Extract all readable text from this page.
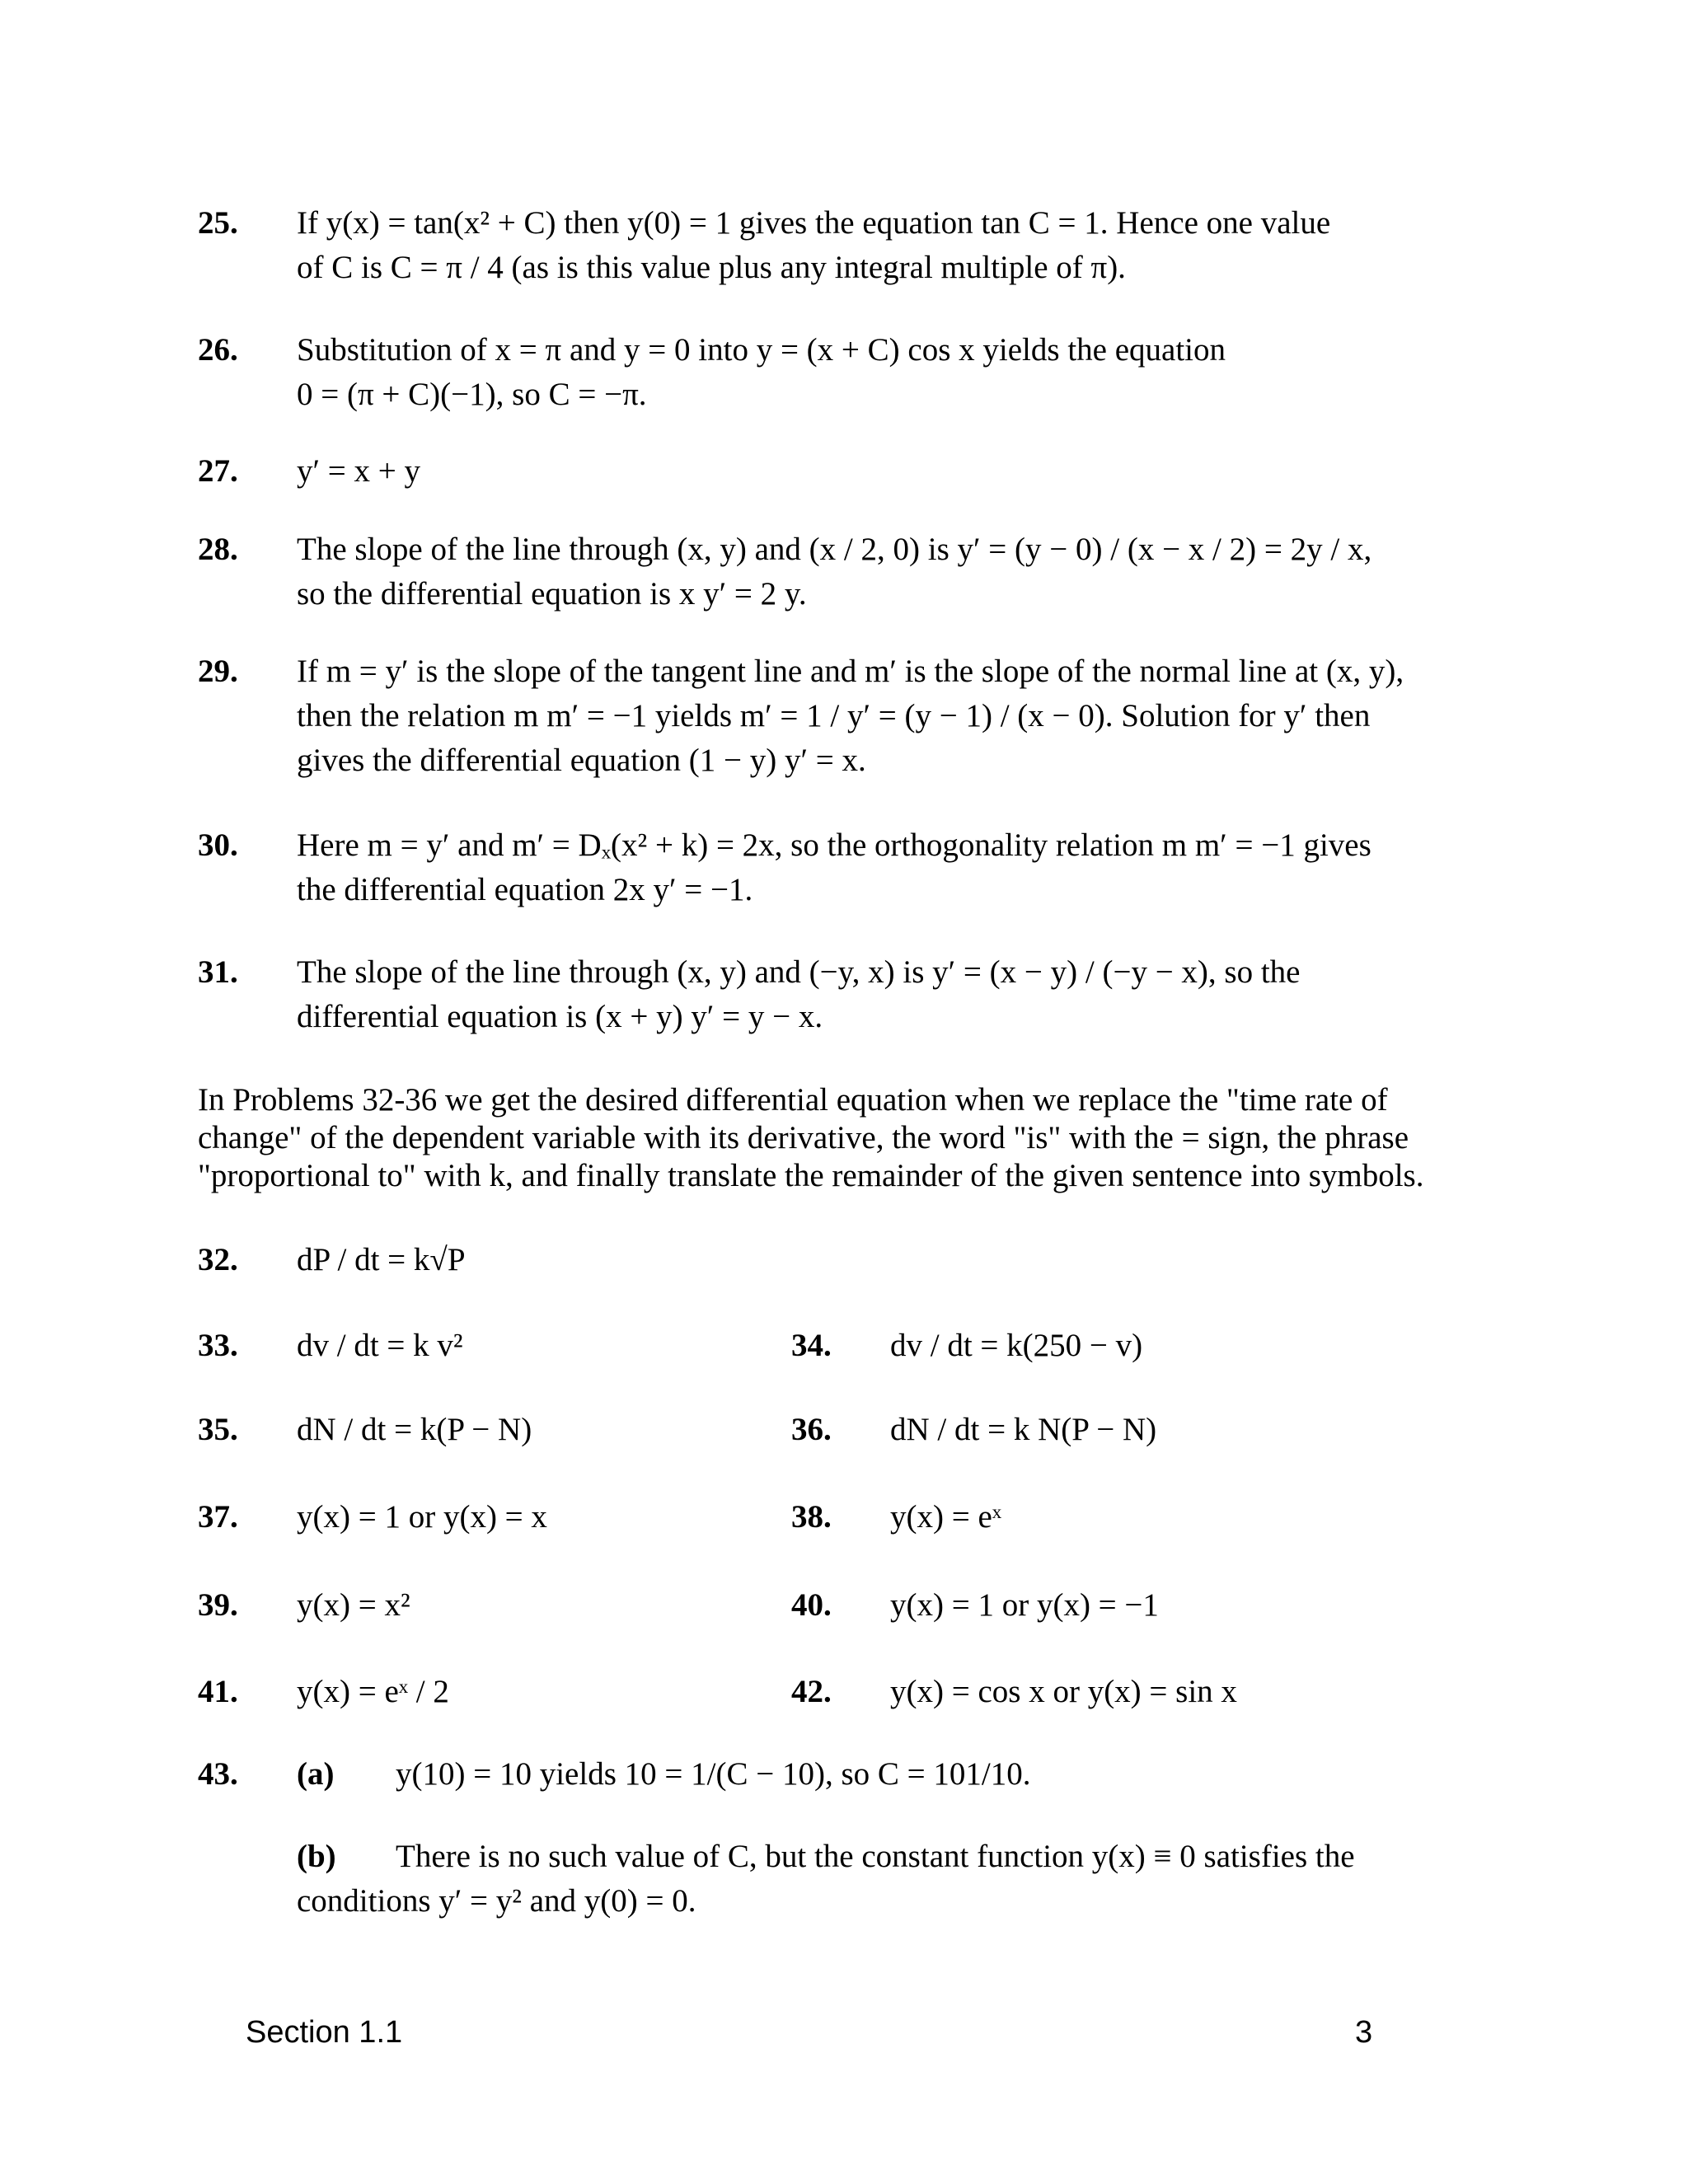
25.	If y(x) = tan(x² + C) then y(0) = 1 gives the equation tan C = 1. Hence one value
of C is C = π / 4 (as is this value plus any integral multiple of π).
26.	Substitution of x = π and y = 0 into y = (x + C) cos x yields the equation
0 = (π + C)(−1), so C = −π.
27.	y′ = x + y
28.	The slope of the line through (x, y) and (x / 2, 0) is y′ = (y − 0) / (x − x / 2) = 2y / x,
so the differential equation is x y′ = 2 y.
29.	If m = y′ is the slope of the tangent line and m′ is the slope of the normal line at (x, y),
then the relation m m′ = −1 yields m′ = 1 / y′ = (y − 1) / (x − 0). Solution for y′ then
gives the differential equation (1 − y) y′ = x.
30.	Here m = y′ and m′ = Dₓ(x² + k) = 2x, so the orthogonality relation m m′ = −1 gives
the differential equation 2x y′ = −1.
31.	The slope of the line through (x, y) and (−y, x) is y′ = (x − y) / (−y − x), so the
differential equation is (x + y) y′ = y − x.
In Problems 32-36 we get the desired differential equation when we replace the "time rate of
change" of the dependent variable with its derivative, the word "is" with the = sign, the phrase
"proportional to" with k, and finally translate the remainder of the given sentence into symbols.
32.	dP / dt = k√P
33.	dv / dt = k v²	34.	dv / dt = k(250 − v)
35.	dN / dt = k(P − N)	36.	dN / dt = k N(P − N)
37.	y(x) = 1 or y(x) = x	38.	y(x) = eˣ
39.	y(x) = x²	40.	y(x) = 1 or y(x) = −1
41.	y(x) = eˣ / 2	42.	y(x) = cos x or y(x) = sin x
43.	(a) y(10) = 10 yields 10 = 1/(C − 10), so C = 101/10.
(b) There is no such value of C, but the constant function y(x) ≡ 0 satisfies the
conditions y′ = y² and y(0) = 0.
Section 1.1	3
